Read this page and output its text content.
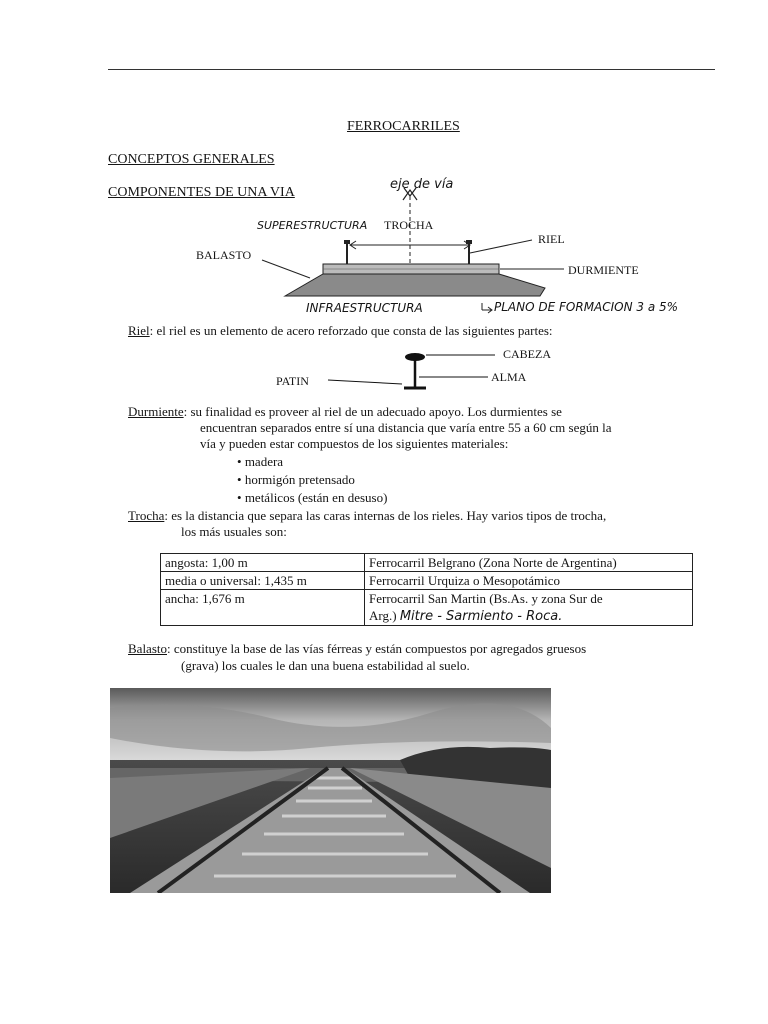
FERROCARRILES
CONCEPTOS GENERALES
COMPONENTES DE UNA VIA
eje de vía
SUPERESTRUCTURA TROCHA
RIEL
BALASTO
DURMIENTE
INFRAESTRUCTURA	PLANO DE FORMACION 3 a 5%
Riel: el riel es un elemento de acero reforzado que consta de las siguientes partes:
CABEZA
ALMA
PATIN
Durmiente: su finalidad es proveer al riel de un adecuado apoyo. Los durmientes se
encuentran separados entre sí una distancia que varía entre 55 a 60 cm según la
vía y pueden estar compuestos de los siguientes materiales:
• madera
• hormigón pretensado
• metálicos (están en desuso)
Trocha: es la distancia que separa las caras internas de los rieles. Hay varios tipos de trocha,
los más usuales son:
angosta: 1,00 m	Ferrocarril Belgrano (Zona Norte de Argentina)
media o universal: 1,435 m	Ferrocarril Urquiza o Mesopotámico
ancha: 1,676 m	Ferrocarril San Martin (Bs.As. y zona Sur de
Arg.) Mitre - Sarmiento - Roca.
Balasto: constituye la base de las vías férreas y están compuestos por agregados gruesos
(grava) los cuales le dan una buena estabilidad al suelo.
